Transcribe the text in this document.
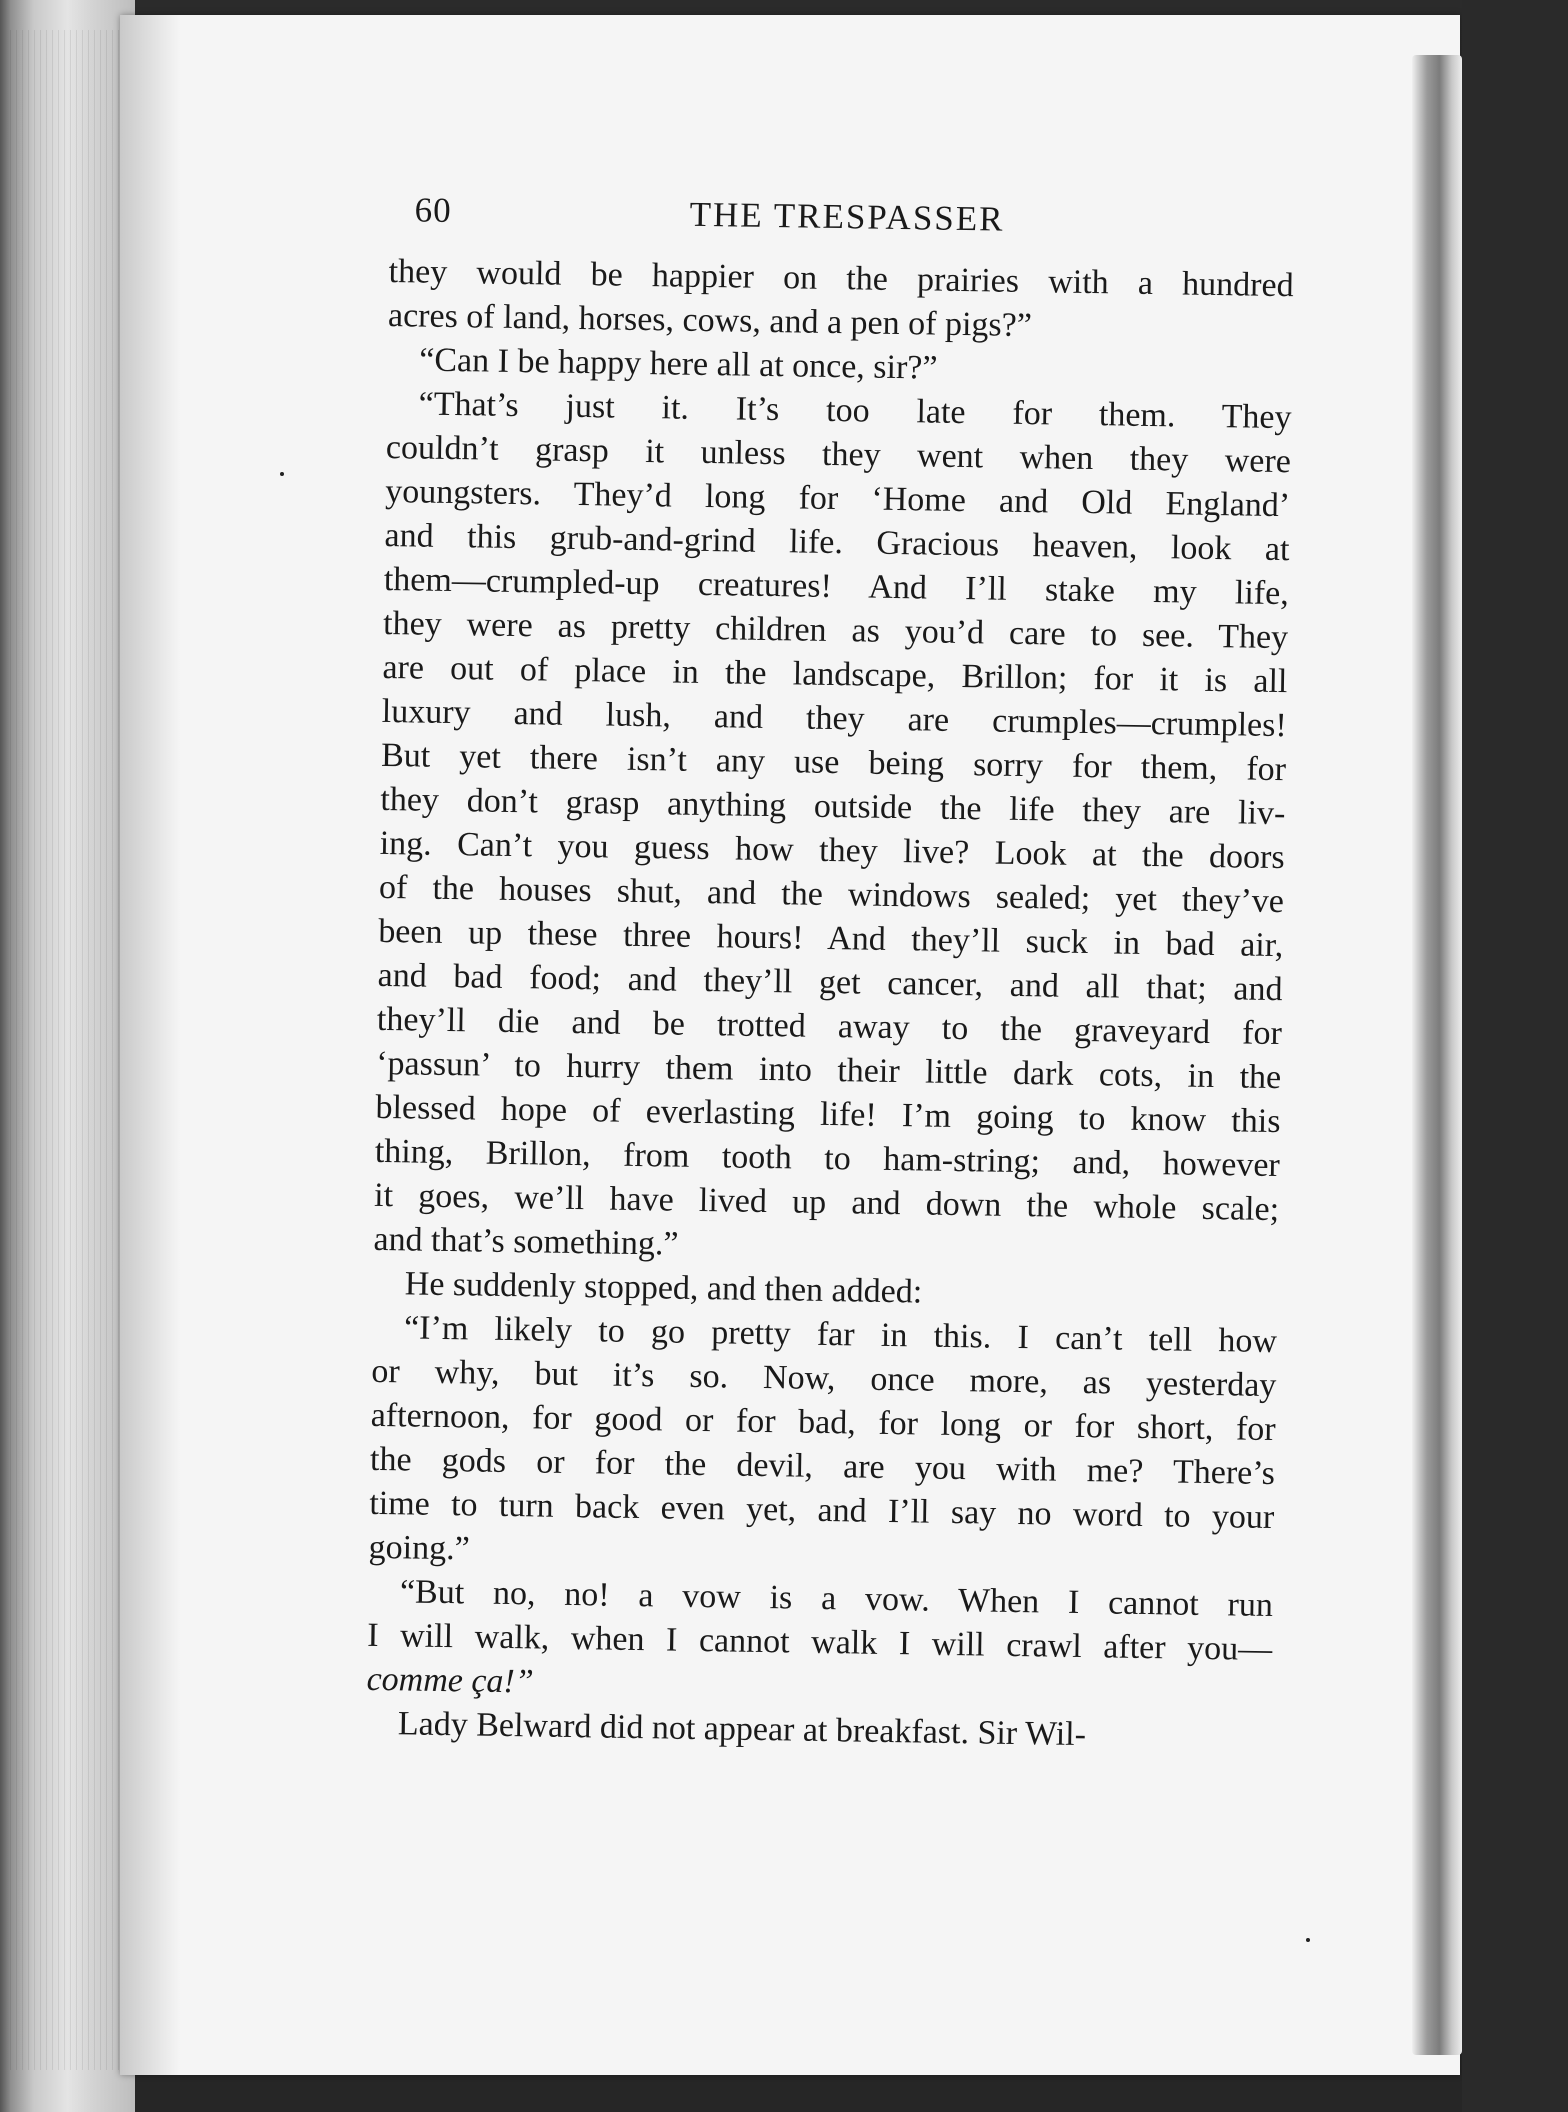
60	THE TRESPASSER

they would be happier on the prairies with a hundred
acres of land, horses, cows, and a pen of pigs?”

“Can I be happy here all at once, sir?”

“That’s just it. It’s too late for them. They
couldn’t grasp it unless they went when they were
youngsters. They’d long for ‘Home and Old England’
and this grub-and-grind life. Gracious heaven, look at
them—crumpled-up creatures! And I’ll stake my life,
they were as pretty children as you’d care to see. They
are out of place in the landscape, Brillon; for it is all
luxury and lush, and they are crumples—crumples!
But yet there isn’t any use being sorry for them, for
they don’t grasp anything outside the life they are liv-
ing. Can’t you guess how they live? Look at the doors
of the houses shut, and the windows sealed; yet they’ve
been up these three hours! And they’ll suck in bad air,
and bad food; and they’ll get cancer, and all that; and
they’ll die and be trotted away to the graveyard for
‘passun’ to hurry them into their little dark cots, in the
blessed hope of everlasting life! I’m going to know this
thing, Brillon, from tooth to ham-string; and, however
it goes, we’ll have lived up and down the whole scale;
and that’s something.”

He suddenly stopped, and then added:

“I’m likely to go pretty far in this. I can’t tell how
or why, but it’s so. Now, once more, as yesterday
afternoon, for good or for bad, for long or for short, for
the gods or for the devil, are you with me? There’s
time to turn back even yet, and I’ll say no word to your
going.”

“But no, no! a vow is a vow. When I cannot run
I will walk, when I cannot walk I will crawl after you—
comme ça!”

Lady Belward did not appear at breakfast. Sir Wil-
